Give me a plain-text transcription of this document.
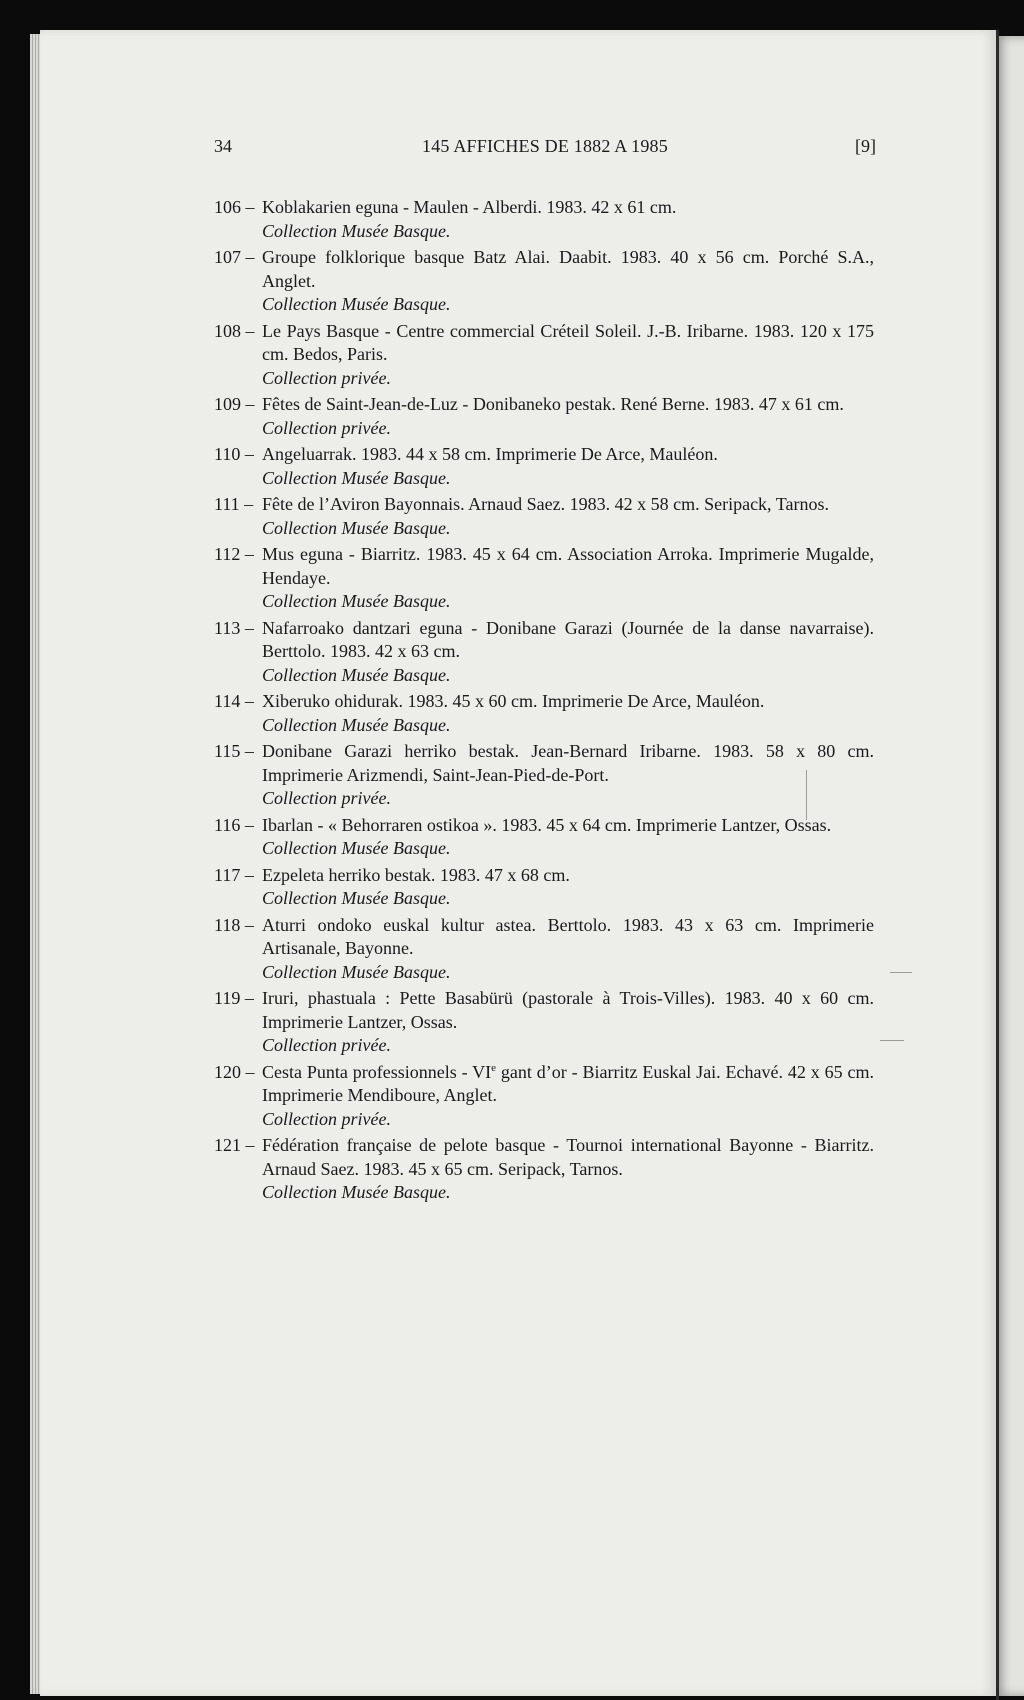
34	145 AFFICHES DE 1882 A 1985	[9]
106 – Koblakarien eguna - Maulen - Alberdi. 1983. 42 x 61 cm.
Collection Musée Basque.
107 – Groupe folklorique basque Batz Alai. Daabit. 1983. 40 x 56 cm. Porché S.A., Anglet.
Collection Musée Basque.
108 – Le Pays Basque - Centre commercial Créteil Soleil. J.-B. Iribarne. 1983. 120 x 175 cm. Bedos, Paris.
Collection privée.
109 – Fêtes de Saint-Jean-de-Luz - Donibaneko pestak. René Berne. 1983. 47 x 61 cm.
Collection privée.
110 – Angeluarrak. 1983. 44 x 58 cm. Imprimerie De Arce, Mauléon.
Collection Musée Basque.
111 – Fête de l’Aviron Bayonnais. Arnaud Saez. 1983. 42 x 58 cm. Seripack, Tarnos.
Collection Musée Basque.
112 – Mus eguna - Biarritz. 1983. 45 x 64 cm. Association Arroka. Imprimerie Mugalde, Hendaye.
Collection Musée Basque.
113 – Nafarroako dantzari eguna - Donibane Garazi (Journée de la danse navarraise). Berttolo. 1983. 42 x 63 cm.
Collection Musée Basque.
114 – Xiberuko ohidurak. 1983. 45 x 60 cm. Imprimerie De Arce, Mauléon.
Collection Musée Basque.
115 – Donibane Garazi herriko bestak. Jean-Bernard Iribarne. 1983. 58 x 80 cm. Imprimerie Arizmendi, Saint-Jean-Pied-de-Port.
Collection privée.
116 – Ibarlan - « Behorraren ostikoa ». 1983. 45 x 64 cm. Imprimerie Lantzer, Ossas.
Collection Musée Basque.
117 – Ezpeleta herriko bestak. 1983. 47 x 68 cm.
Collection Musée Basque.
118 – Aturri ondoko euskal kultur astea. Berttolo. 1983. 43 x 63 cm. Imprimerie Artisanale, Bayonne.
Collection Musée Basque.
119 – Iruri, phastuala : Pette Basabürü (pastorale à Trois-Villes). 1983. 40 x 60 cm. Imprimerie Lantzer, Ossas.
Collection privée.
120 – Cesta Punta professionnels - VIe gant d’or - Biarritz Euskal Jai. Echavé. 42 x 65 cm. Imprimerie Mendiboure, Anglet.
Collection privée.
121 – Fédération française de pelote basque - Tournoi international Bayonne - Biarritz. Arnaud Saez. 1983. 45 x 65 cm. Seripack, Tarnos.
Collection Musée Basque.
